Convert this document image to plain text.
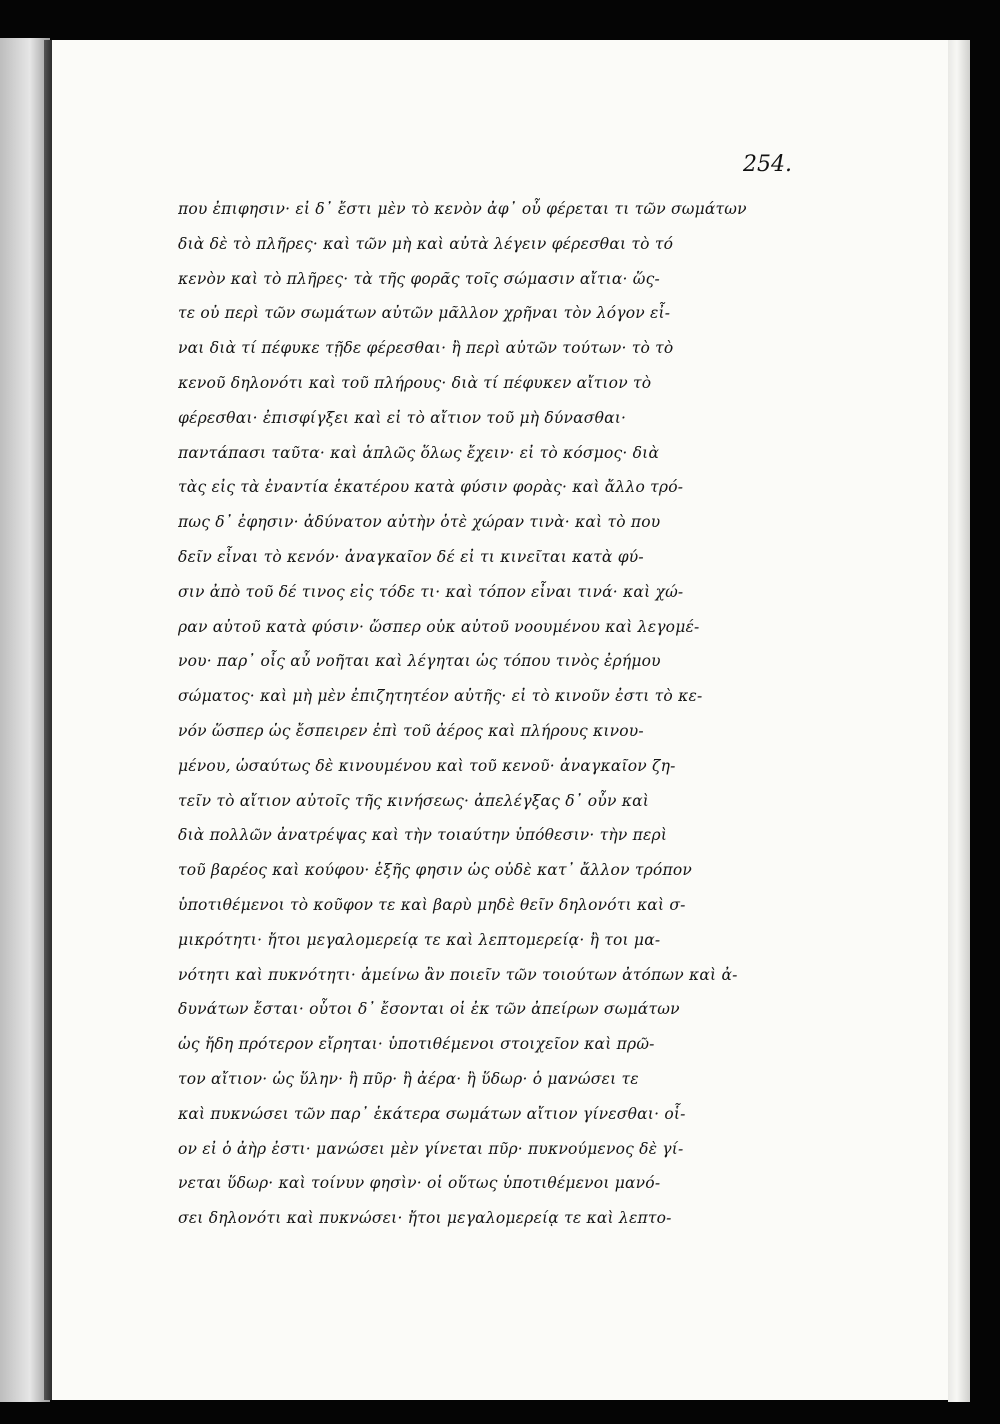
254.
που ἐπιφησιν· εἰ δ᾽ ἔστι μὲν τὸ κενὸν ἀφ᾽ οὗ φέρεται τι τῶν σωμάτων
διὰ δὲ τὸ πλῆρες· καὶ τῶν μὴ καὶ αὐτὰ λέγειν φέρεσθαι τὸ τό
κενὸν καὶ τὸ πλῆρες· τὰ τῆς φορᾶς τοῖς σώμασιν αἴτια· ὥς-
τε οὐ περὶ τῶν σωμάτων αὐτῶν μᾶλλον χρῆναι τὸν λόγον εἶ-
ναι διὰ τί πέφυκε τῇδε φέρεσθαι· ἢ περὶ αὐτῶν τούτων· τὸ τὸ
κενοῦ δηλονότι καὶ τοῦ πλήρους· διὰ τί πέφυκεν αἴτιον τὸ
φέρεσθαι· ἐπισφίγξει καὶ εἰ τὸ αἴτιον τοῦ μὴ δύνασθαι·
παντάπασι ταῦτα· καὶ ἁπλῶς ὅλως ἔχειν· εἰ τὸ κόσμος· διὰ
τὰς εἰς τὰ ἐναντία ἑκατέρου κατὰ φύσιν φορὰς· καὶ ἄλλο τρό-
πως δ᾽ ἐφησιν· ἀδύνατον αὐτὴν ὁτὲ χώραν τινὰ· καὶ τὸ που
δεῖν εἶναι τὸ κενόν· ἀναγκαῖον δέ εἰ τι κινεῖται κατὰ φύ-
σιν ἀπὸ τοῦ δέ τινος εἰς τόδε τι· καὶ τόπον εἶναι τινά· καὶ χώ-
ραν αὐτοῦ κατὰ φύσιν· ὥσπερ οὐκ αὐτοῦ νοουμένου καὶ λεγομέ-
νου· παρ᾽ οἷς αὖ νοῆται καὶ λέγηται ὡς τόπου τινὸς ἐρήμου
σώματος· καὶ μὴ μὲν ἐπιζητητέον αὐτῆς· εἰ τὸ κινοῦν ἐστι τὸ κε-
νόν ὥσπερ ὡς ἔσπειρεν ἐπὶ τοῦ ἀέρος καὶ πλήρους κινου-
μένου, ὡσαύτως δὲ κινουμένου καὶ τοῦ κενοῦ· ἀναγκαῖον ζη-
τεῖν τὸ αἴτιον αὐτοῖς τῆς κινήσεως· ἀπελέγξας δ᾽ οὖν καὶ
διὰ πολλῶν ἀνατρέψας καὶ τὴν τοιαύτην ὑπόθεσιν· τὴν περὶ
τοῦ βαρέος καὶ κούφου· ἑξῆς φησιν ὡς οὐδὲ κατ᾽ ἄλλον τρόπον
ὑποτιθέμενοι τὸ κοῦφον τε καὶ βαρὺ μηδὲ θεῖν δηλονότι καὶ σ-
μικρότητι· ἤτοι μεγαλομερείᾳ τε καὶ λεπτομερείᾳ· ἢ τοι μα-
νότητι καὶ πυκνότητι· ἀμείνω ἂν ποιεῖν τῶν τοιούτων ἀτόπων καὶ ἀ-
δυνάτων ἔσται· οὗτοι δ᾽ ἔσονται οἱ ἐκ τῶν ἀπείρων σωμάτων
ὡς ἤδη πρότερον εἴρηται· ὑποτιθέμενοι στοιχεῖον καὶ πρῶ-
τον αἴτιον· ὡς ὕλην· ἢ πῦρ· ἢ ἀέρα· ἢ ὕδωρ· ὁ μανώσει τε
καὶ πυκνώσει τῶν παρ᾽ ἑκάτερα σωμάτων αἴτιον γίνεσθαι· οἷ-
ον εἰ ὁ ἀὴρ ἐστι· μανώσει μὲν γίνεται πῦρ· πυκνούμενος δὲ γί-
νεται ὕδωρ· καὶ τοίνυν φησὶν· οἱ οὕτως ὑποτιθέμενοι μανό-
σει δηλονότι καὶ πυκνώσει· ἤτοι μεγαλομερείᾳ τε καὶ λεπτο-
